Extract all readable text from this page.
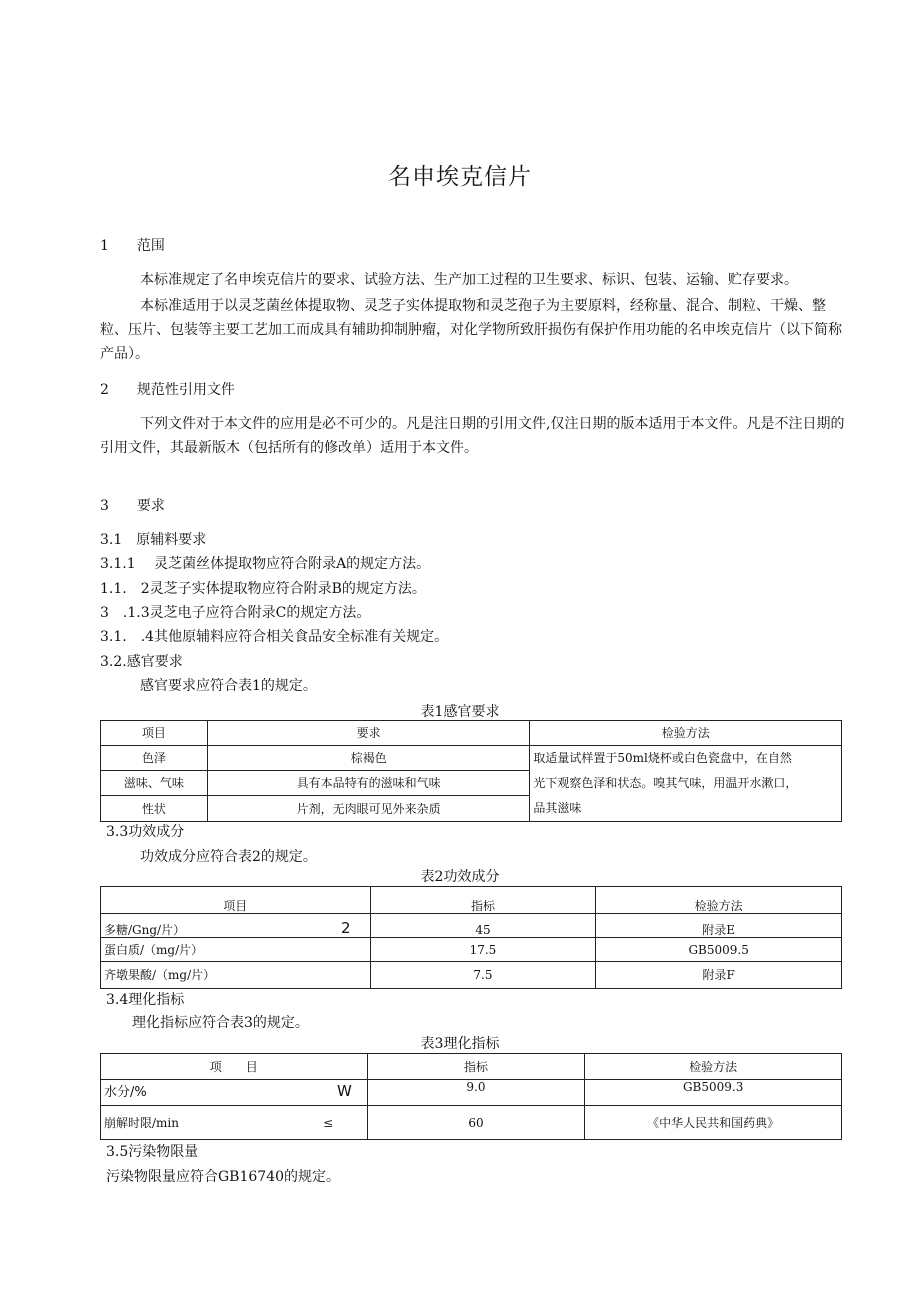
名申埃克信片
1　　范围
本标准规定了名申埃克信片的要求、试验方法、生产加工过程的卫生要求、标识、包装、运输、贮存要求。
本标准适用于以灵芝菌丝体提取物、灵芝子实体提取物和灵芝孢子为主要原料，经称量、混合、制粒、干燥、整粒、压片、包装等主要工艺加工而成具有辅助抑制肿瘤，对化学物所致肝损伤有保护作用功能的名申埃克信片（以下简称产品）。
2　　规范性引用文件
下列文件对于本文件的应用是必不可少的。凡是注日期的引用文件,仅注日期的版本适用于本文件。凡是不注日期的引用文件，其最新版木（包括所有的修改单）适用于本文件。
3　　要求
3.1　原辅料要求
3.1.1　 灵芝菌丝体提取物应符合附录A的规定方法。
1.1.　2灵芝子实体提取物应符合附录B的规定方法。
3　.1.3灵芝电子应符合附录C的规定方法。
3.1.　.4其他原辅料应符合相关食品安全标准有关规定。
3.2.感官要求
感官要求应符合表1的规定。
表1感官要求
项目	要求	检验方法
色泽	棕褐色	取适量试样置于50ml烧杯或白色瓷盘中，在自然
光下观察色泽和状态。嗅其气味，用温开水漱口，
品其滋味

滋味、气味	具有本品特有的滋味和气味	
性状	片剂，无肉眼可见外来杂质	
3.3功效成分
功效成分应符合表2的规定。
表2功效成分
项目	指标	检验方法
多糖/Gng/片） 2	45	附录E
蛋白质/（mg/片）	17.5	GB5009.5
齐墩果酸/（mg/片）	7.5	附录F
3.4理化指标
理化指标应符合表3的规定。
表3理化指标
项　　目	指标	检验方法
水分/% W	9.0	GB5009.3
崩解时限/min ≤	60	《中华人民共和国药典》
3.5污染物限量
污染物限量应符合GB16740的规定。
